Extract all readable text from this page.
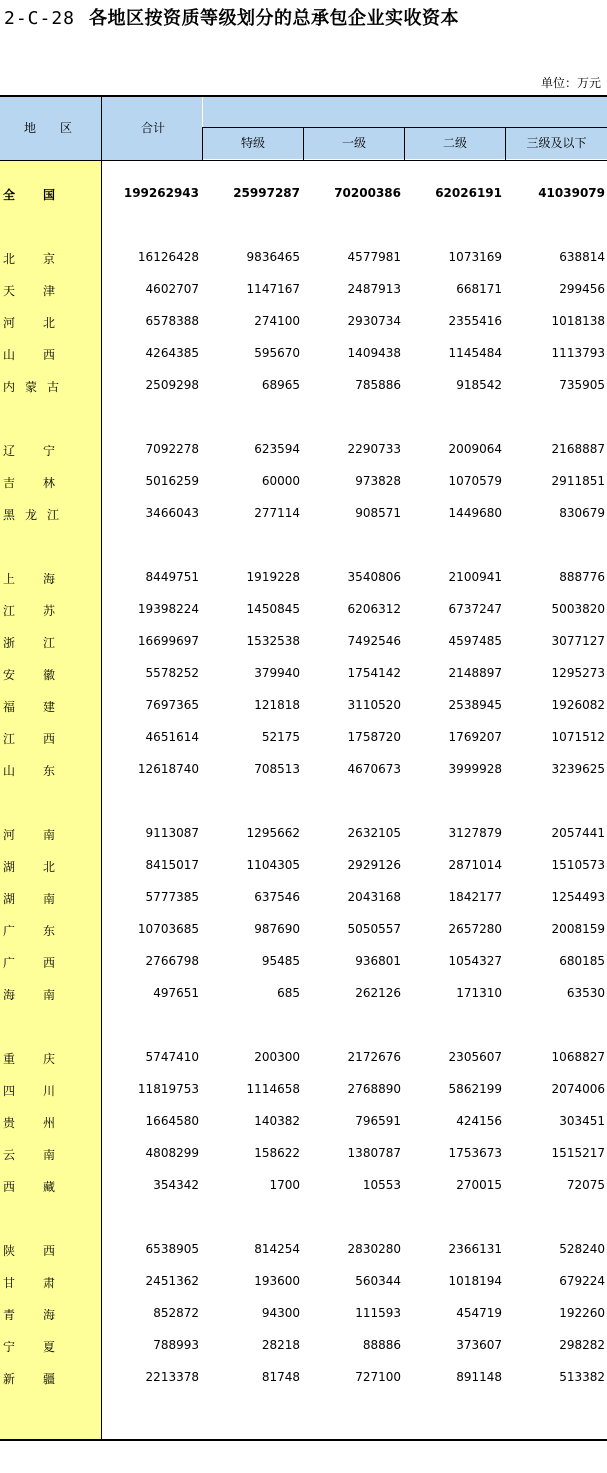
2-C-28 各地区按资质等级划分的总承包企业实收资本
单位：万元
特级	一级	二级	三级及以下
地　　区	合计
全 国	199262943	25997287	70200386	62026191	41039079
北 京	16126428	9836465	4577981	1073169	638814
天 津	4602707	1147167	2487913	668171	299456
河 北	6578388	274100	2930734	2355416	1018138
山 西	4264385	595670	1409438	1145484	1113793
内 蒙 古	2509298	68965	785886	918542	735905
辽 宁	7092278	623594	2290733	2009064	2168887
吉 林	5016259	60000	973828	1070579	2911851
黑 龙 江	3466043	277114	908571	1449680	830679
上 海	8449751	1919228	3540806	2100941	888776
江 苏	19398224	1450845	6206312	6737247	5003820
浙 江	16699697	1532538	7492546	4597485	3077127
安 徽	5578252	379940	1754142	2148897	1295273
福 建	7697365	121818	3110520	2538945	1926082
江 西	4651614	52175	1758720	1769207	1071512
山 东	12618740	708513	4670673	3999928	3239625
河 南	9113087	1295662	2632105	3127879	2057441
湖 北	8415017	1104305	2929126	2871014	1510573
湖 南	5777385	637546	2043168	1842177	1254493
广 东	10703685	987690	5050557	2657280	2008159
广 西	2766798	95485	936801	1054327	680185
海 南	497651	685	262126	171310	63530
重 庆	5747410	200300	2172676	2305607	1068827
四 川	11819753	1114658	2768890	5862199	2074006
贵 州	1664580	140382	796591	424156	303451
云 南	4808299	158622	1380787	1753673	1515217
西 藏	354342	1700	10553	270015	72075
陕 西	6538905	814254	2830280	2366131	528240
甘 肃	2451362	193600	560344	1018194	679224
青 海	852872	94300	111593	454719	192260
宁 夏	788993	28218	88886	373607	298282
新 疆	2213378	81748	727100	891148	513382
